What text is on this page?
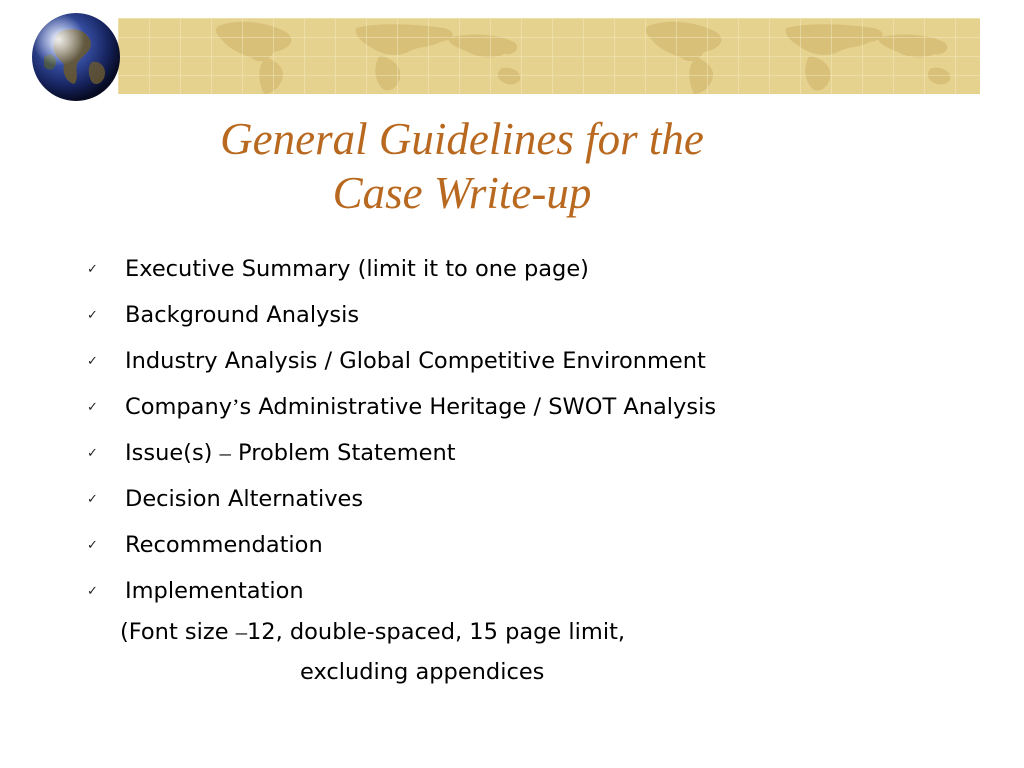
General Guidelines for the
Case Write-up
✓	Executive Summary (limit it to one page)
✓	Background Analysis
✓	Industry Analysis / Global Competitive Environment
✓	Company’s Administrative Heritage / SWOT Analysis
✓	Issue(s) – Problem Statement
✓	Decision Alternatives
✓	Recommendation
✓	Implementation
(Font size –12, double-spaced, 15 page limit,
excluding appendices
